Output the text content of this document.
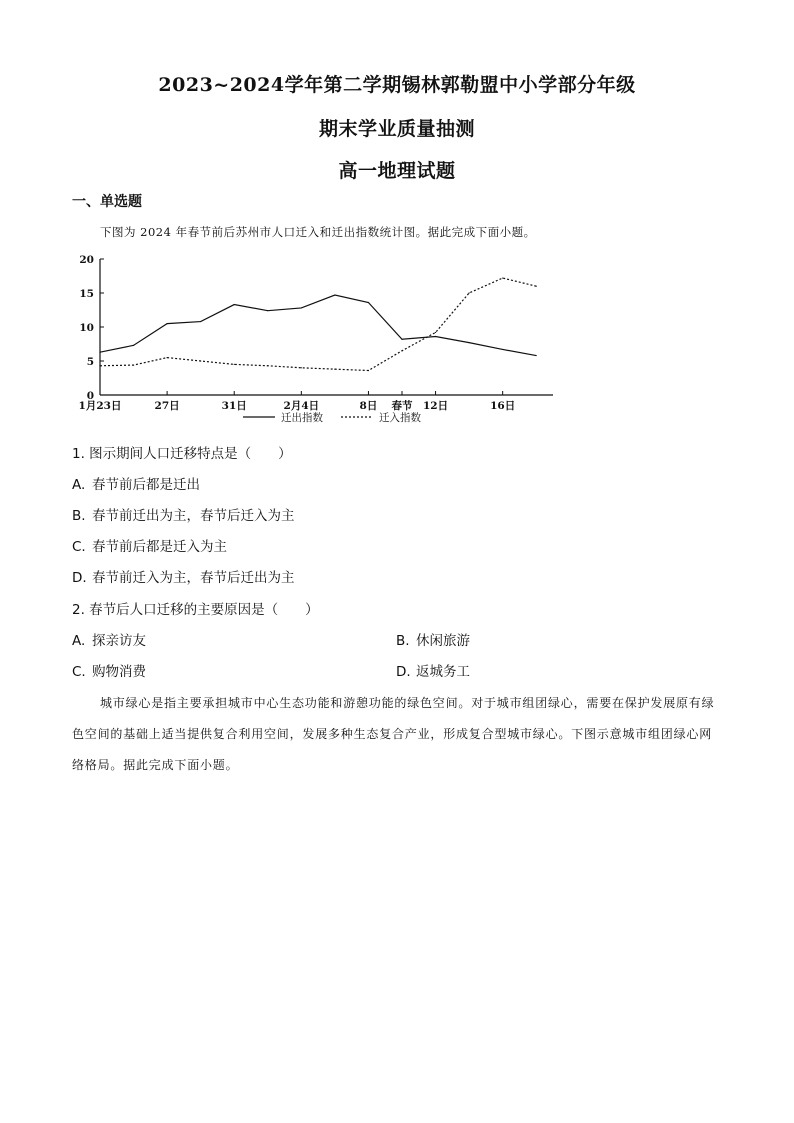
2023~2024学年第二学期锡林郭勒盟中小学部分年级
期末学业质量抽测
高一地理试题
一、单选题
下图为 2024 年春节前后苏州市人口迁入和迁出指数统计图。据此完成下面小题。
0
5
10
15
20
1月23日	27日	31日	2月4日	8日 春节 12日	16日
迁出指数	迁入指数
1. 图示期间人口迁移特点是（　　）
A. 春节前后都是迁出
B. 春节前迁出为主，春节后迁入为主
C. 春节前后都是迁入为主
D. 春节前迁入为主，春节后迁出为主
2. 春节后人口迁移的主要原因是（　　）
A. 探亲访友	B. 休闲旅游
C. 购物消费	D. 返城务工
城市绿心是指主要承担城市中心生态功能和游憩功能的绿色空间。对于城市组团绿心，需要在保护发展原有绿色空间的基础上适当提供复合利用空间，发展多种生态复合产业，形成复合型城市绿心。下图示意城市组团绿心网络格局。据此完成下面小题。
